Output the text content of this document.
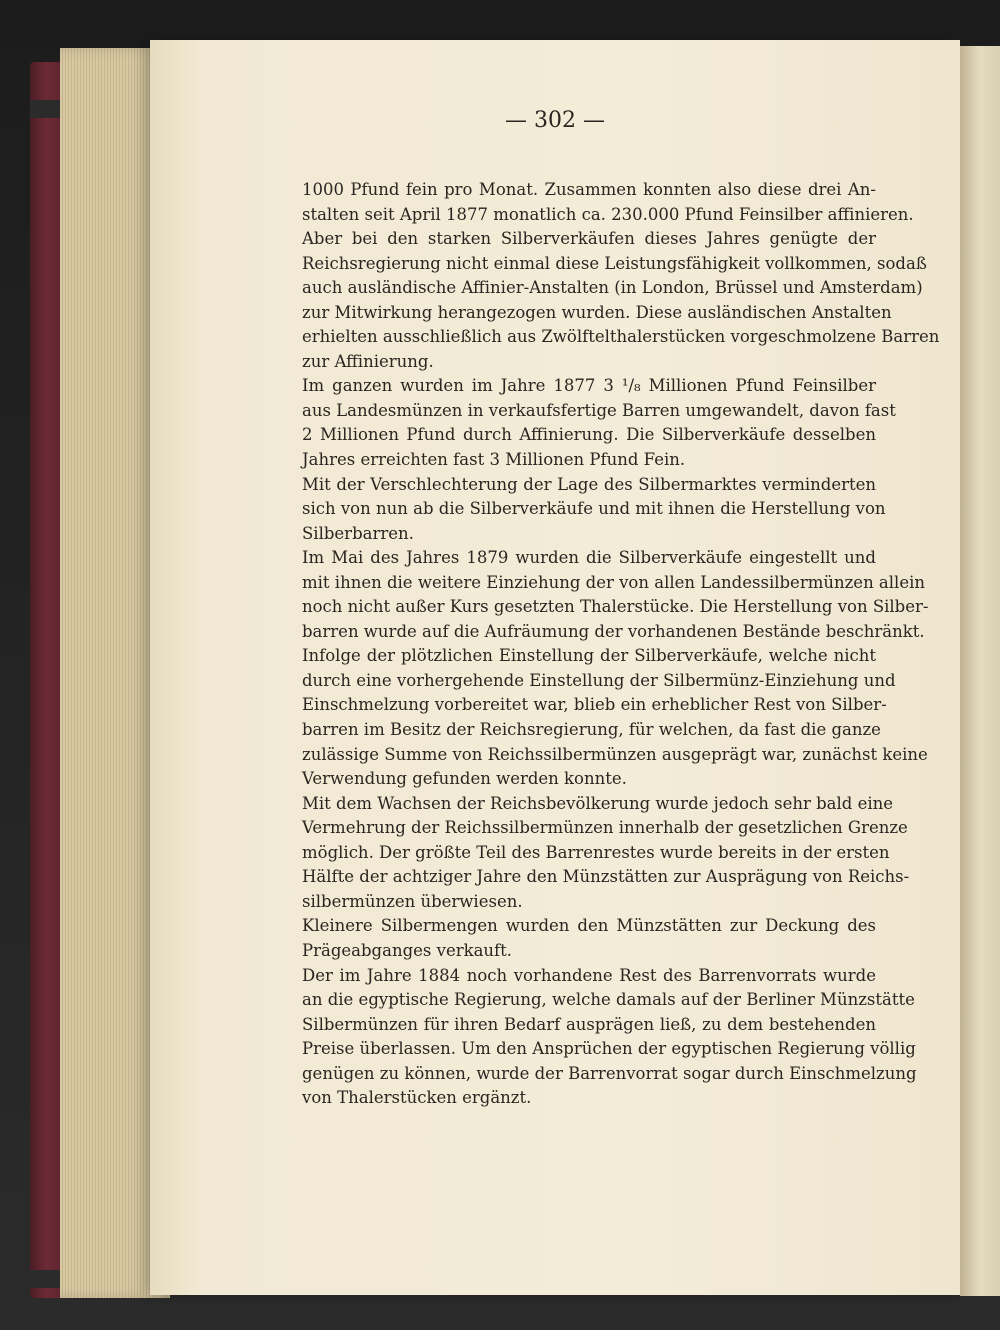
— 302 —
1000 Pfund fein pro Monat. Zusammen konnten also diese drei An-
stalten seit April 1877 monatlich ca. 230.000 Pfund Feinsilber affinieren.
Aber bei den starken Silberverkäufen dieses Jahres genügte der
Reichsregierung nicht einmal diese Leistungsfähigkeit vollkommen, sodaß
auch ausländische Affinier-Anstalten (in London, Brüssel und Amsterdam)
zur Mitwirkung herangezogen wurden. Diese ausländischen Anstalten
erhielten ausschließlich aus Zwölftelthalerstücken vorgeschmolzene Barren
zur Affinierung.
Im ganzen wurden im Jahre 1877 3 ¹/₈ Millionen Pfund Feinsilber
aus Landesmünzen in verkaufsfertige Barren umgewandelt, davon fast
2 Millionen Pfund durch Affinierung. Die Silberverkäufe desselben
Jahres erreichten fast 3 Millionen Pfund Fein.
Mit der Verschlechterung der Lage des Silbermarktes verminderten
sich von nun ab die Silberverkäufe und mit ihnen die Herstellung von
Silberbarren.
Im Mai des Jahres 1879 wurden die Silberverkäufe eingestellt und
mit ihnen die weitere Einziehung der von allen Landessilbermünzen allein
noch nicht außer Kurs gesetzten Thalerstücke. Die Herstellung von Silber-
barren wurde auf die Aufräumung der vorhandenen Bestände beschränkt.
Infolge der plötzlichen Einstellung der Silberverkäufe, welche nicht
durch eine vorhergehende Einstellung der Silbermünz-Einziehung und
Einschmelzung vorbereitet war, blieb ein erheblicher Rest von Silber-
barren im Besitz der Reichsregierung, für welchen, da fast die ganze
zulässige Summe von Reichssilbermünzen ausgeprägt war, zunächst keine
Verwendung gefunden werden konnte.
Mit dem Wachsen der Reichsbevölkerung wurde jedoch sehr bald eine
Vermehrung der Reichssilbermünzen innerhalb der gesetzlichen Grenze
möglich. Der größte Teil des Barrenrestes wurde bereits in der ersten
Hälfte der achtziger Jahre den Münzstätten zur Ausprägung von Reichs-
silbermünzen überwiesen.
Kleinere Silbermengen wurden den Münzstätten zur Deckung des
Prägeabganges verkauft.
Der im Jahre 1884 noch vorhandene Rest des Barrenvorrats wurde
an die egyptische Regierung, welche damals auf der Berliner Münzstätte
Silbermünzen für ihren Bedarf ausprägen ließ, zu dem bestehenden
Preise überlassen. Um den Ansprüchen der egyptischen Regierung völlig
genügen zu können, wurde der Barrenvorrat sogar durch Einschmelzung
von Thalerstücken ergänzt.
